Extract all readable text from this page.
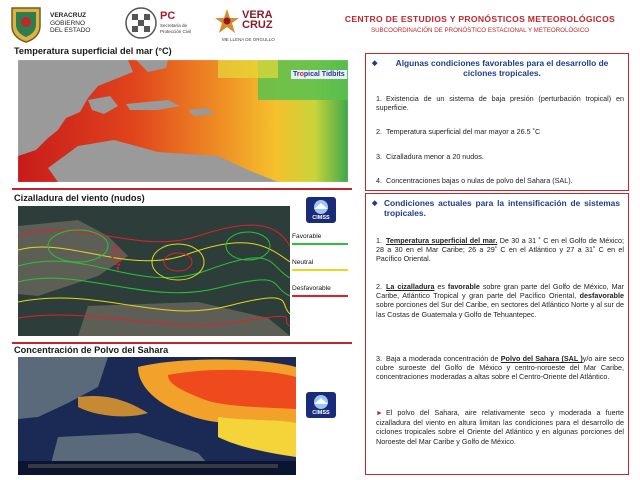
VERACRUZ
GOBIERNO
DEL ESTADO
PC
Secretaría de
Protección Civil
VERA
CRUZ
ME LLENA DE ORGULLO
CENTRO DE ESTUDIOS Y PRONÓSTICOS METEOROLÓGICOS
SUBCOORDINACIÓN DE PRONÓSTICO ESTACIONAL Y METEOROLÓGICO
Temperatura superficial del mar (°C)
Tropical Tidbits
Cizalladura del viento (nudos)
CIMSS
Favorable
Neutral
Desfavorable
Concentración de Polvo del Sahara
CIMSS
◆ Algunas condiciones favorables para el desarrollo de ciclones tropicales.
1. Existencia de un sistema de baja presión (perturbación tropical) en superficie.
2. Temperatura superficial del mar mayor a 26.5 ˚C
3. Cizalladura menor a 20 nudos.
4. Concentraciones bajas o nulas de polvo del Sahara (SAL).
◆ Condiciones actuales para la intensificación de sistemas tropicales.
1. Temperatura superficial del mar. De 30 a 31 ˚ C en el Golfo de México; 28 a 30 en el Mar Caribe; 26 a 29˚ C en el Atlántico y 27 a 31˚ C en el Pacífico Oriental.
2. La cizalladura es favorable sobre gran parte del Golfo de México, Mar Caribe, Atlántico Tropical y gran parte del Pacífico Oriental, desfavorable sobre porciones del Sur del Caribe, en sectores del Atlántico Norte y al sur de las Costas de Guatemala y Golfo de Tehuantepec.
3. Baja a moderada concentración de Polvo del Sahara (SAL )y/o aire seco cubre suroeste del Golfo de México y centro-noroeste del Mar Caribe, concentraciones moderadas a altas sobre el Centro-Oriente del Atlántico.
► El polvo del Sahara, aire relativamente seco y moderada a fuerte cizalladura del viento en altura limitan las condiciones para el desarrollo de ciclones tropicales sobre el Oriente del Atlántico y en algunas porciones del Noroeste del Mar Caribe y Golfo de México.
